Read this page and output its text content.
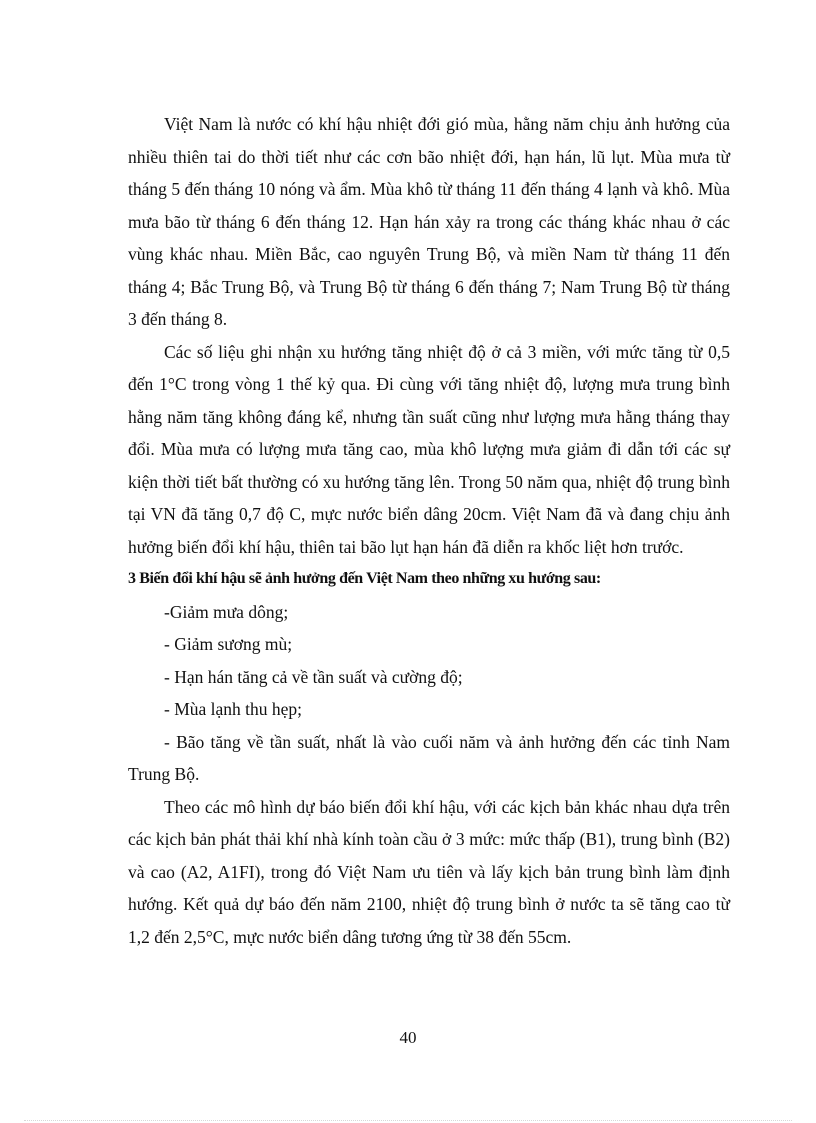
Việt Nam là nước có khí hậu nhiệt đới gió mùa, hằng năm chịu ảnh hưởng của nhiều thiên tai do thời tiết như các cơn bão nhiệt đới, hạn hán, lũ lụt. Mùa mưa từ tháng 5 đến tháng 10 nóng và ẩm. Mùa khô từ tháng 11 đến tháng 4 lạnh và khô. Mùa mưa bão từ tháng 6 đến tháng 12. Hạn hán xảy ra trong các tháng khác nhau ở các vùng khác nhau. Miền Bắc, cao nguyên Trung Bộ, và miền Nam từ tháng 11 đến tháng 4; Bắc Trung Bộ, và Trung Bộ từ tháng 6 đến tháng 7; Nam Trung Bộ từ tháng 3 đến tháng 8.

Các số liệu ghi nhận xu hướng tăng nhiệt độ ở cả 3 miền, với mức tăng từ 0,5 đến 1°C trong vòng 1 thế kỷ qua. Đi cùng với tăng nhiệt độ, lượng mưa trung bình hằng năm tăng không đáng kể, nhưng tần suất cũng như lượng mưa hằng tháng thay đổi. Mùa mưa có lượng mưa tăng cao, mùa khô lượng mưa giảm đi dẫn tới các sự kiện thời tiết bất thường có xu hướng tăng lên. Trong 50 năm qua, nhiệt độ trung bình tại VN đã tăng 0,7 độ C, mực nước biển dâng 20cm. Việt Nam đã và đang chịu ảnh hưởng biến đổi khí hậu, thiên tai bão lụt hạn hán đã diễn ra khốc liệt hơn trước.

3 Biến đổi khí hậu sẽ ảnh hưởng đến Việt Nam theo những xu hướng sau:

-Giảm mưa dông;

- Giảm sương mù;

- Hạn hán tăng cả về tần suất và cường độ;

- Mùa lạnh thu hẹp;

- Bão tăng về tần suất, nhất là vào cuối năm và ảnh hưởng đến các tỉnh Nam Trung Bộ.

Theo các mô hình dự báo biến đổi khí hậu, với các kịch bản khác nhau dựa trên các kịch bản phát thải khí nhà kính toàn cầu ở 3 mức: mức thấp (B1), trung bình (B2) và cao (A2, A1FI), trong đó Việt Nam ưu tiên và lấy kịch bản trung bình làm định hướng. Kết quả dự báo đến năm 2100, nhiệt độ trung bình ở nước ta sẽ tăng cao từ 1,2 đến 2,5°C, mực nước biển dâng tương ứng từ 38 đến 55cm.

40
